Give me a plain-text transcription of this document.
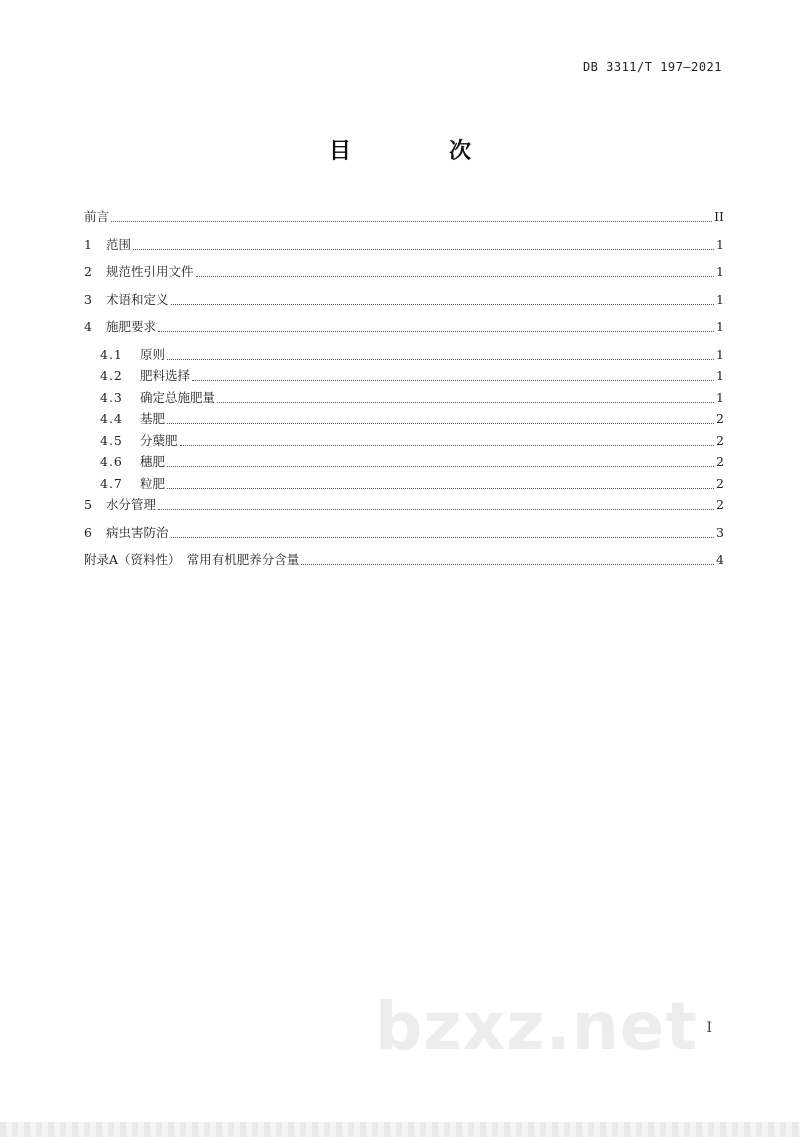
DB 3311/T 197—2021
目　次
前言	II
1	范围	1
2	规范性引用文件	1
3	术语和定义	1
4	施肥要求	1
4.1	原则	1
4.2	肥料选择	1
4.3	确定总施肥量	1
4.4	基肥	2
4.5	分蘖肥	2
4.6	穗肥	2
4.7	粒肥	2
5	水分管理	2
6	病虫害防治	3
附录A（资料性）　常用有机肥养分含量	4
bzxz.net I
